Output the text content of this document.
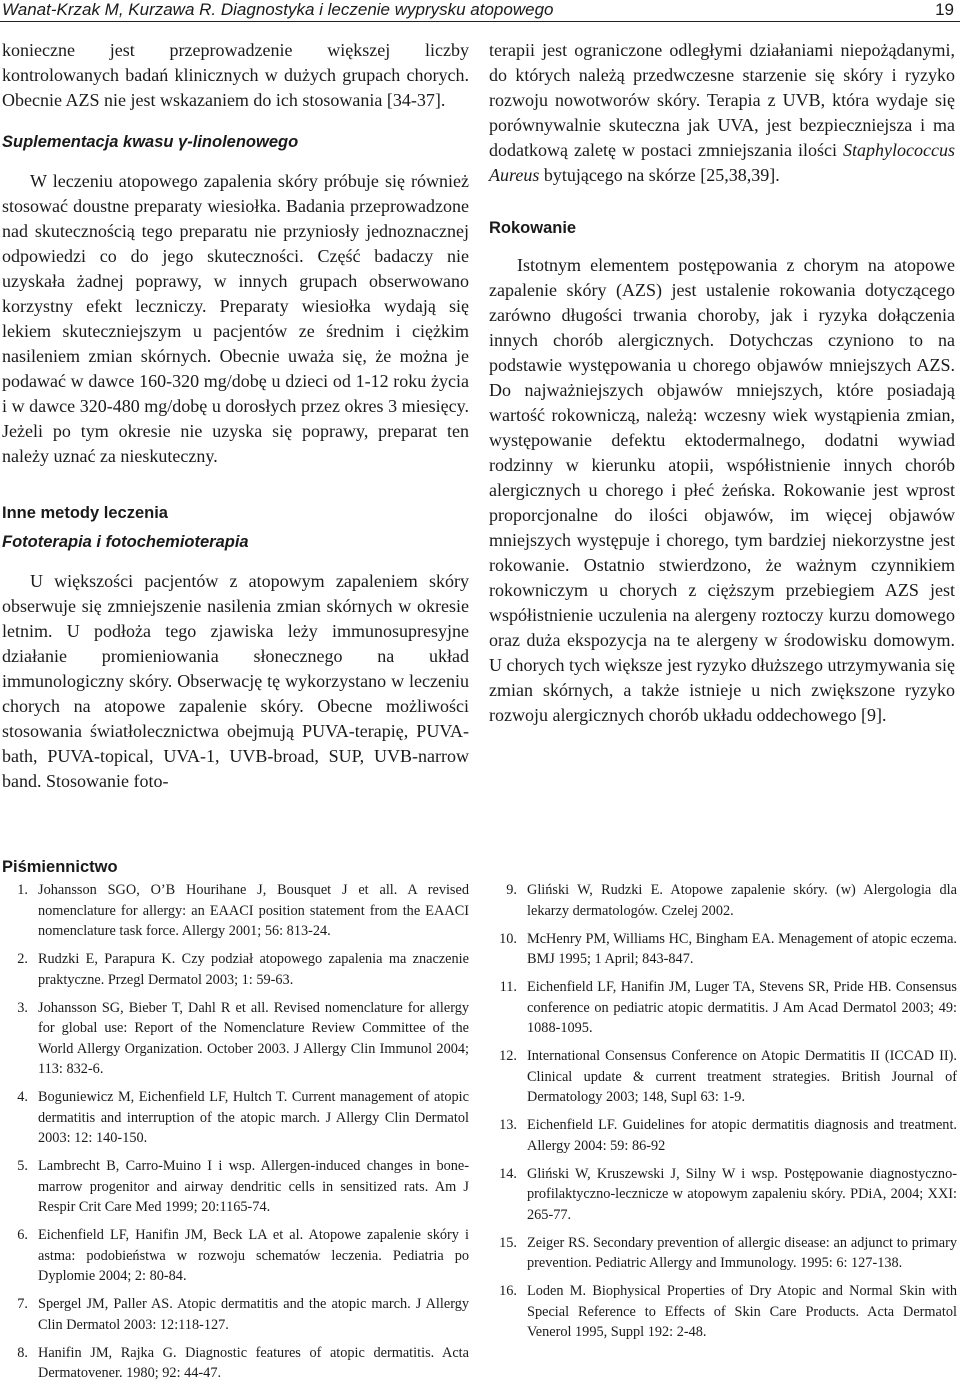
Wanat-Krzak M, Kurzawa R. Diagnostyka i leczenie wyprysku atopowego	19

konieczne jest przeprowadzenie większej liczby kontrolowanych badań klinicznych w dużych grupach chorych. Obecnie AZS nie jest wskazaniem do ich stosowania [34-37].

Suplementacja kwasu γ-linolenowego

W leczeniu atopowego zapalenia skóry próbuje się również stosować doustne preparaty wiesiołka. Badania przeprowadzone nad skutecznością tego preparatu nie przyniosły jednoznacznej odpowiedzi co do jego skuteczności. Część badaczy nie uzyskała żadnej poprawy, w innych grupach obserwowano korzystny efekt leczniczy. Preparaty wiesiołka wydają się lekiem skuteczniejszym u pacjentów ze średnim i ciężkim nasileniem zmian skórnych. Obecnie uważa się, że można je podawać w dawce 160-320 mg/dobę u dzieci od 1-12 roku życia i w dawce 320-480 mg/dobę u dorosłych przez okres 3 miesięcy. Jeżeli po tym okresie nie uzyska się poprawy, preparat ten należy uznać za nieskuteczny.

Inne metody leczenia
Fototerapia i fotochemioterapia

U większości pacjentów z atopowym zapaleniem skóry obserwuje się zmniejszenie nasilenia zmian skórnych w okresie letnim. U podłoża tego zjawiska leży immunosupresyjne działanie promieniowania słonecznego na układ immunologiczny skóry. Obserwację tę wykorzystano w leczeniu chorych na atopowe zapalenie skóry. Obecne możliwości stosowania światłolecznictwa obejmują PUVA-terapię, PUVA-bath, PUVA-topical, UVA-1, UVB-broad, SUP, UVB-narrow band. Stosowanie foto-

terapii jest ograniczone odległymi działaniami niepożądanymi, do których należą przedwczesne starzenie się skóry i ryzyko rozwoju nowotworów skóry. Terapia z UVB, która wydaje się porównywalnie skuteczna jak UVA, jest bezpieczniejsza i ma dodatkową zaletę w postaci zmniejszania ilości Staphylococcus Aureus bytującego na skórze [25,38,39].

Rokowanie

Istotnym elementem postępowania z chorym na atopowe zapalenie skóry (AZS) jest ustalenie rokowania dotyczącego zarówno długości trwania choroby, jak i ryzyka dołączenia innych chorób alergicznych. Dotychczas czyniono to na podstawie występowania u chorego objawów mniejszych AZS. Do najważniejszych objawów mniejszych, które posiadają wartość rokowniczą, należą: wczesny wiek wystąpienia zmian, występowanie defektu ektodermalnego, dodatni wywiad rodzinny w kierunku atopii, współistnienie innych chorób alergicznych u chorego i płeć żeńska. Rokowanie jest wprost proporcjonalne do ilości objawów, im więcej objawów mniejszych występuje i chorego, tym bardziej niekorzystne jest rokowanie. Ostatnio stwierdzono, że ważnym czynnikiem rokowniczym u chorych z cięższym przebiegiem AZS jest współistnienie uczulenia na alergeny roztoczy kurzu domowego oraz duża ekspozycja na te alergeny w środowisku domowym. U chorych tych większe jest ryzyko dłuższego utrzymywania się zmian skórnych, a także istnieje u nich zwiększone ryzyko rozwoju alergicznych chorób układu oddechowego [9].

Piśmiennictwo
1. Johansson SGO, O’B Hourihane J, Bousquet J et all. A revised nomenclature for allergy: an EAACI position statement from the EAACI nomenclature task force. Allergy 2001; 56: 813-24.
2. Rudzki E, Parapura K. Czy podział atopowego zapalenia ma znaczenie praktyczne. Przegl Dermatol 2003; 1: 59-63.
3. Johansson SG, Bieber T, Dahl R et all. Revised nomenclature for allergy for global use: Report of the Nomenclature Review Committee of the World Allergy Organization. October 2003. J Allergy Clin Immunol 2004; 113: 832-6.
4. Boguniewicz M, Eichenfield LF, Hultch T. Current management of atopic dermatitis and interruption of the atopic march. J Allergy Clin Dermatol 2003: 12: 140-150.
5. Lambrecht B, Carro-Muino I i wsp. Allergen-induced changes in bone-marrow progenitor and airway dendritic cells in sensitized rats. Am J Respir Crit Care Med 1999; 20:1165-74.
6. Eichenfield LF, Hanifin JM, Beck LA et al. Atopowe zapalenie skóry i astma: podobieństwa w rozwoju schematów leczenia. Pediatria po Dyplomie 2004; 2: 80-84.
7. Spergel JM, Paller AS. Atopic dermatitis and the atopic march. J Allergy Clin Dermatol 2003: 12:118-127.
8. Hanifin JM, Rajka G. Diagnostic features of atopic dermatitis. Acta Dermatovener. 1980; 92: 44-47.
9. Gliński W, Rudzki E. Atopowe zapalenie skóry. (w) Alergologia dla lekarzy dermatologów. Czelej 2002.
10. McHenry PM, Williams HC, Bingham EA. Menagement of atopic eczema. BMJ 1995; 1 April; 843-847.
11. Eichenfield LF, Hanifin JM, Luger TA, Stevens SR, Pride HB. Consensus conference on pediatric atopic dermatitis. J Am Acad Dermatol 2003; 49: 1088-1095.
12. International Consensus Conference on Atopic Dermatitis II (ICCAD II). Clinical update & current treatment strategies. British Journal of Dermatology 2003; 148, Supl 63: 1-9.
13. Eichenfield LF. Guidelines for atopic dermatitis diagnosis and treatment. Allergy 2004: 59: 86-92
14. Gliński W, Kruszewski J, Silny W i wsp. Postępowanie diagnostyczno-profilaktyczno-lecznicze w atopowym zapaleniu skóry. PDiA, 2004; XXI: 265-77.
15. Zeiger RS. Secondary prevention of allergic disease: an adjunct to primary prevention. Pediatric Allergy and Immunology. 1995: 6: 127-138.
16. Loden M. Biophysical Properties of Dry Atopic and Normal Skin with Special Reference to Effects of Skin Care Products. Acta Dermatol Venerol 1995, Suppl 192: 2-48.
